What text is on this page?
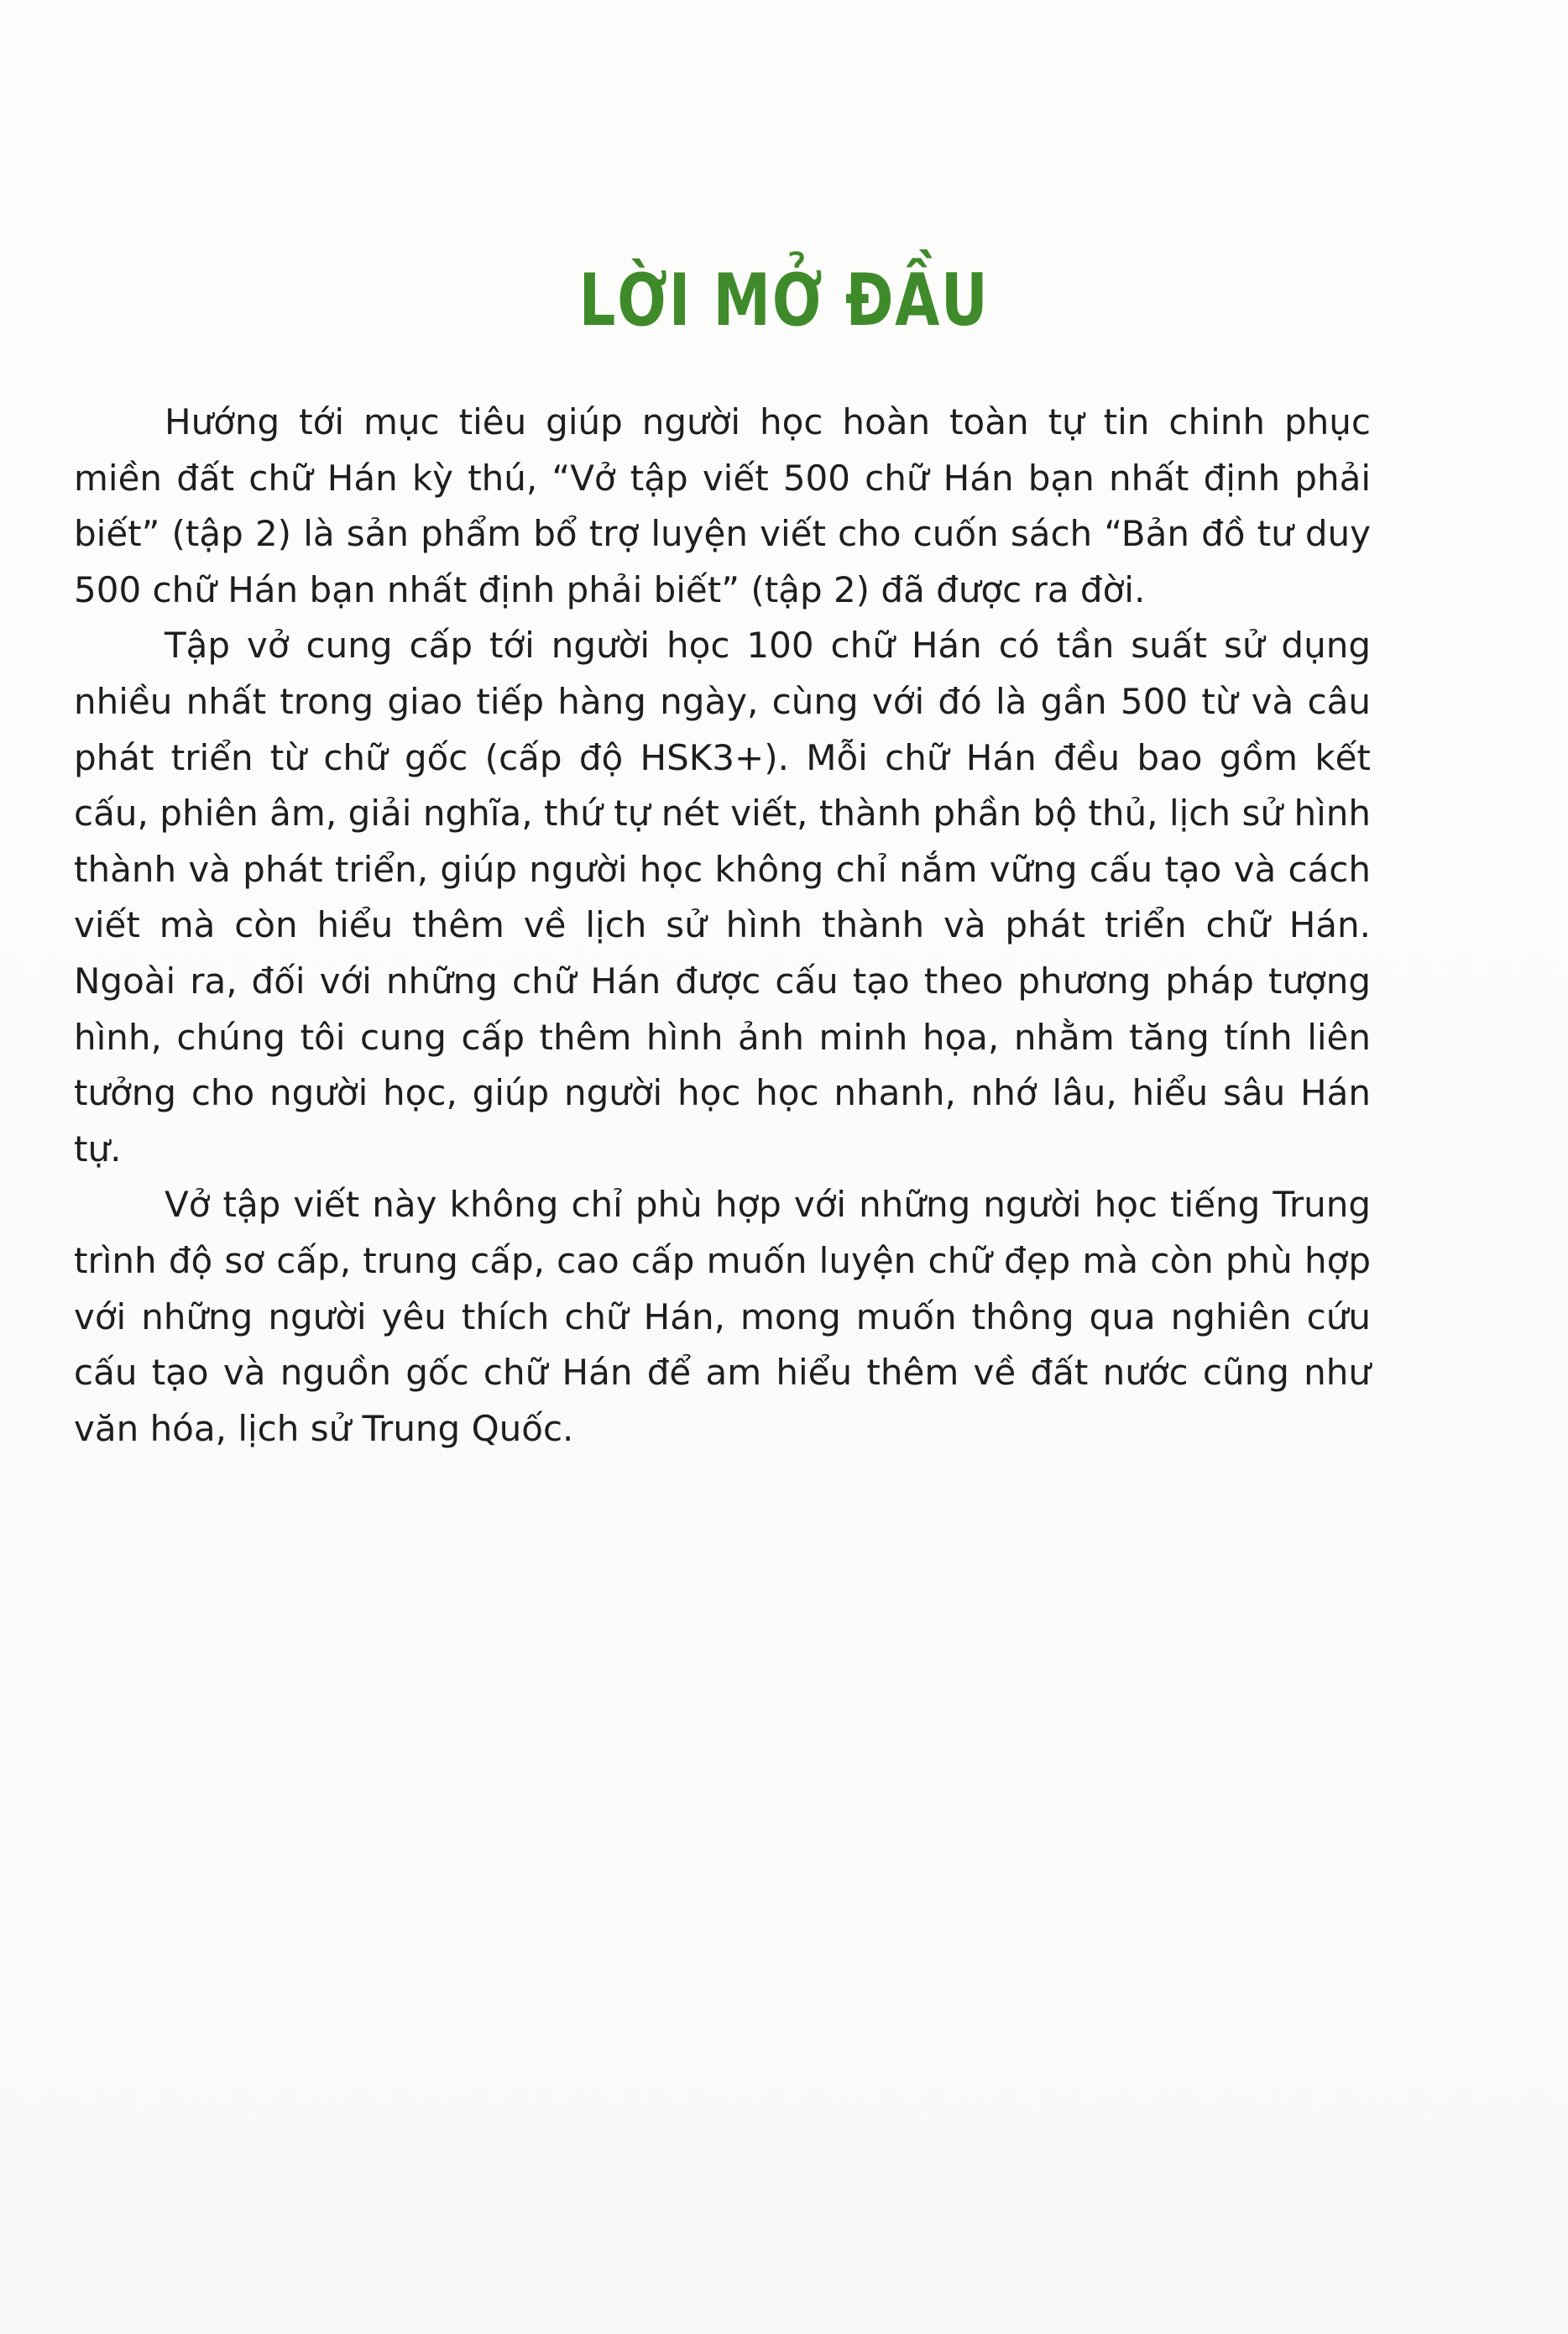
LỜI MỞ ĐẦU

Hướng tới mục tiêu giúp người học hoàn toàn tự tin chinh phục miền đất chữ Hán kỳ thú, “Vở tập viết 500 chữ Hán bạn nhất định phải biết” (tập 2) là sản phẩm bổ trợ luyện viết cho cuốn sách “Bản đồ tư duy 500 chữ Hán bạn nhất định phải biết” (tập 2) đã được ra đời.

Tập vở cung cấp tới người học 100 chữ Hán có tần suất sử dụng nhiều nhất trong giao tiếp hàng ngày, cùng với đó là gần 500 từ và câu phát triển từ chữ gốc (cấp độ HSK3+). Mỗi chữ Hán đều bao gồm kết cấu, phiên âm, giải nghĩa, thứ tự nét viết, thành phần bộ thủ, lịch sử hình thành và phát triển, giúp người học không chỉ nắm vững cấu tạo và cách viết mà còn hiểu thêm về lịch sử hình thành và phát triển chữ Hán. Ngoài ra, đối với những chữ Hán được cấu tạo theo phương pháp tượng hình, chúng tôi cung cấp thêm hình ảnh minh họa, nhằm tăng tính liên tưởng cho người học, giúp người học học nhanh, nhớ lâu, hiểu sâu Hán tự.

Vở tập viết này không chỉ phù hợp với những người học tiếng Trung trình độ sơ cấp, trung cấp, cao cấp muốn luyện chữ đẹp mà còn phù hợp với những người yêu thích chữ Hán, mong muốn thông qua nghiên cứu cấu tạo và nguồn gốc chữ Hán để am hiểu thêm về đất nước cũng như văn hóa, lịch sử Trung Quốc.
